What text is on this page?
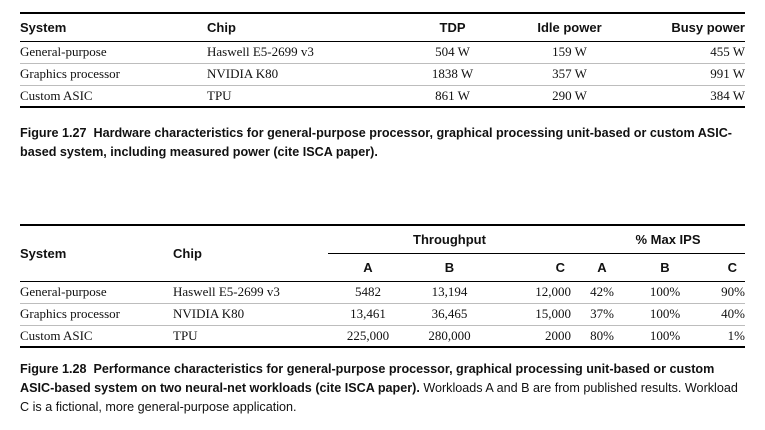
System	Chip	TDP	Idle power	Busy power
General-purpose	Haswell E5-2699 v3	504 W	159 W	455 W
Graphics processor	NVIDIA K80	1838 W	357 W	991 W
Custom ASIC	TPU	861 W	290 W	384 W
Figure 1.27 Hardware characteristics for general-purpose processor, graphical processing unit-based or custom ASIC-based system, including measured power (cite ISCA paper).
System	Chip	Throughput			% Max IPS		
		A	B	C	A	B	C
General-purpose	Haswell E5-2699 v3	5482	13,194	12,000	42%	100%	90%
Graphics processor	NVIDIA K80	13,461	36,465	15,000	37%	100%	40%
Custom ASIC	TPU	225,000	280,000	2000	80%	100%	1%
Figure 1.28 Performance characteristics for general-purpose processor, graphical processing unit-based or custom ASIC-based system on two neural-net workloads (cite ISCA paper). Workloads A and B are from published results. Workload C is a fictional, more general-purpose application.
